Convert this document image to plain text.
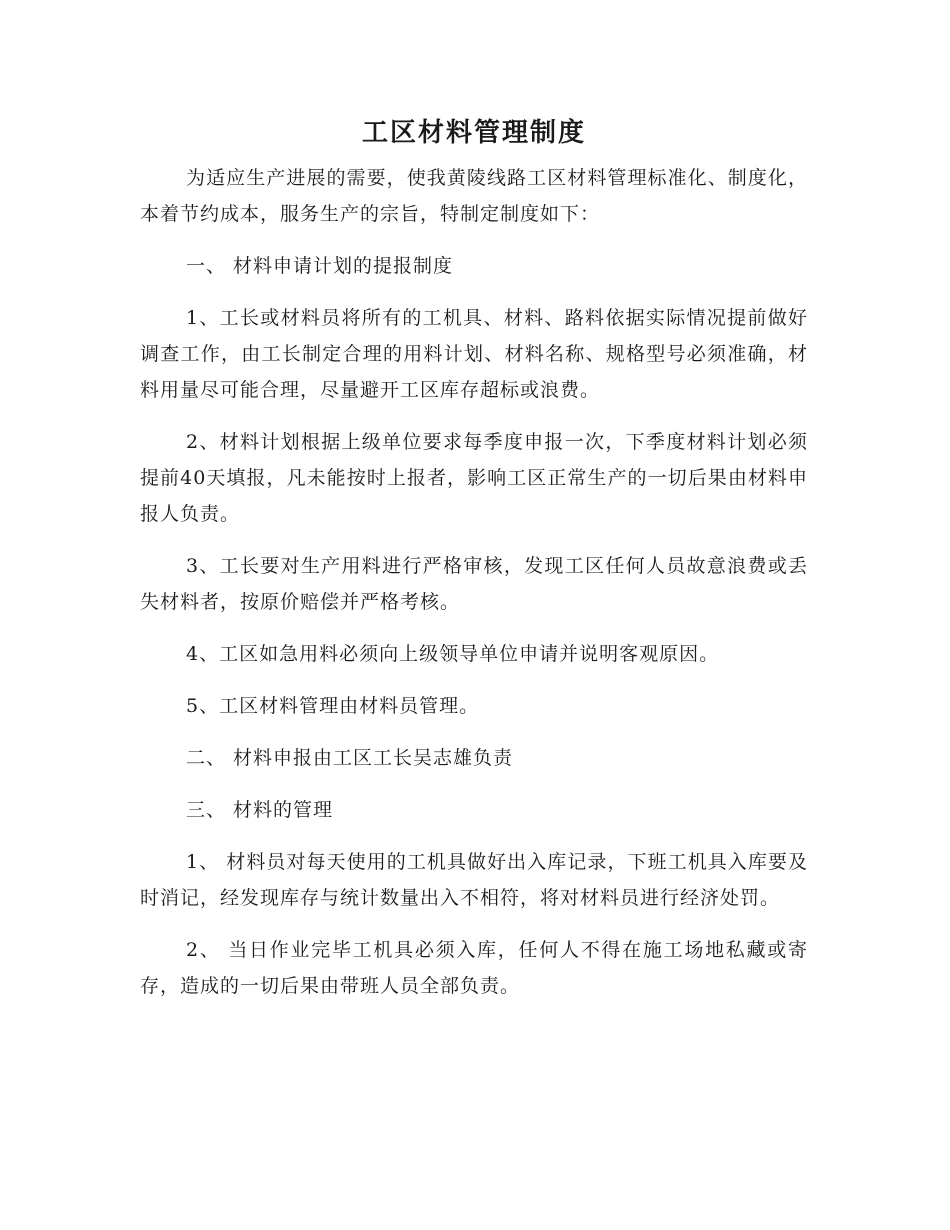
工区材料管理制度

为适应生产进展的需要，使我黄陵线路工区材料管理标准化、制度化，本着节约成本，服务生产的宗旨，特制定制度如下：

一、 材料申请计划的提报制度

1、工长或材料员将所有的工机具、材料、路料依据实际情况提前做好调查工作，由工长制定合理的用料计划、材料名称、规格型号必须准确，材料用量尽可能合理，尽量避开工区库存超标或浪费。

2、材料计划根据上级单位要求每季度申报一次，下季度材料计划必须提前40天填报，凡未能按时上报者，影响工区正常生产的一切后果由材料申报人负责。

3、工长要对生产用料进行严格审核，发现工区任何人员故意浪费或丢失材料者，按原价赔偿并严格考核。

4、工区如急用料必须向上级领导单位申请并说明客观原因。

5、工区材料管理由材料员管理。

二、 材料申报由工区工长吴志雄负责

三、 材料的管理

1、 材料员对每天使用的工机具做好出入库记录，下班工机具入库要及时消记，经发现库存与统计数量出入不相符，将对材料员进行经济处罚。

2、 当日作业完毕工机具必须入库，任何人不得在施工场地私藏或寄存，造成的一切后果由带班人员全部负责。
